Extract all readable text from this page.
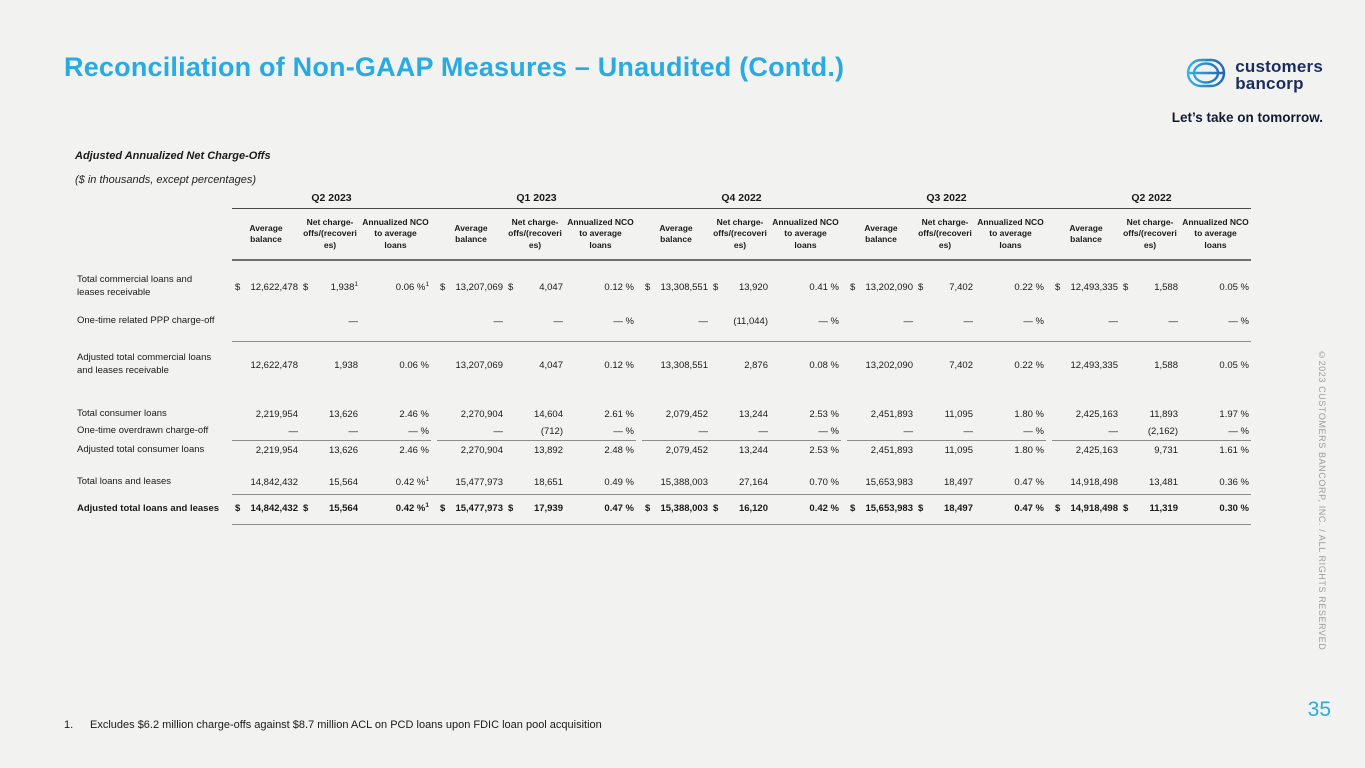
Reconciliation of Non-GAAP Measures – Unaudited (Contd.)	customers
bancorp
Let’s take on tomorrow.

Adjusted Annualized Net Charge-Offs

($ in thousands, except percentages)

	Q2 2023				Q1 2023				Q4 2022				Q3 2022				Q2 2022		
	Average balance	Net charge-offs/(recoveries)	Annualized NCO to average loans		Average balance	Net charge-offs/(recoveries)	Annualized NCO to average loans		Average balance	Net charge-offs/(recoveries)	Annualized NCO to average loans		Average balance	Net charge-offs/(recoveries)	Annualized NCO to average loans		Average balance	Net charge-offs/(recoveries)	Annualized NCO to average loans
Total commercial loans and leases receivable	$ 12,622,478	$ 1,938$^1$	0.06 %$^1$		$ 13,207,069	$ 4,047	0.12 %		$ 13,308,551	$ 13,920	0.41 %		$ 13,202,090	$ 7,402	0.22 %		$ 12,493,335	$ 1,588	0.05 %
One-time related PPP charge-off		—			—	—	— %		—	(11,044)	— %		—	—	— %		—	—	— %
Adjusted total commercial loans and leases receivable	12,622,478	1,938	0.06 %		13,207,069	4,047	0.12 %		13,308,551	2,876	0.08 %		13,202,090	7,402	0.22 %		12,493,335	1,588	0.05 %
Total consumer loans	2,219,954	13,626	2.46 %		2,270,904	14,604	2.61 %		2,079,452	13,244	2.53 %		2,451,893	11,095	1.80 %		2,425,163	11,893	1.97 %
One-time overdrawn charge-off	—	—	— %		—	(712)	— %		—	—	— %		—	—	— %		—	(2,162)	— %
Adjusted total consumer loans	2,219,954	13,626	2.46 %		2,270,904	13,892	2.48 %		2,079,452	13,244	2.53 %		2,451,893	11,095	1.80 %		2,425,163	9,731	1.61 %
Total loans and leases	14,842,432	15,564	0.42 %$^1$		15,477,973	18,651	0.49 %		15,388,003	27,164	0.70 %		15,653,983	18,497	0.47 %		14,918,498	13,481	0.36 %
Adjusted total loans and leases	$ 14,842,432	$ 15,564	0.42 %$^1$		$ 15,477,973	$ 17,939	0.47 %		$ 15,388,003	$ 16,120	0.42 %		$ 15,653,983	$ 18,497	0.47 %		$ 14,918,498	$ 11,319	0.30 %
1.	Excludes $6.2 million charge-offs against $8.7 million ACL on PCD loans upon FDIC loan pool acquisition
35
©2023 CUSTOMERS BANCORP, INC. / ALL RIGHTS RESERVED
